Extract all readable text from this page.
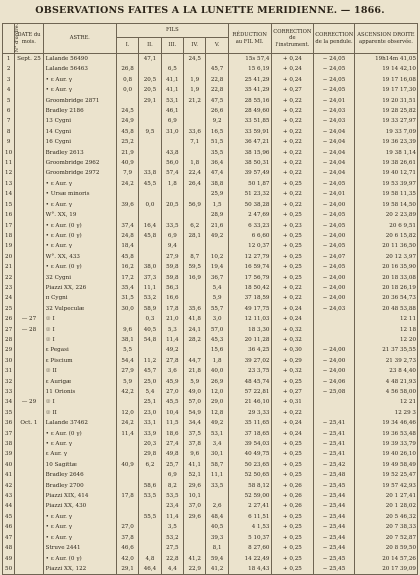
OBSERVATIONS FAITES A LA LUNETTE MERIDIENNE. — 1866.
N° d'ordre.	DATE du mois.	ASTRE.	FILS					RÉDUCTION au FIL MI.	CORRECTION de l'instrument.	CORRECTION de la pendule.	ASCENSION DROITE apparente observée.
			I.	II.	III.	IV.	V.				
1	Sept. 25	Lalande 56490		47,1		24,5		15s 57,4	+ 0,24	− 24,05	19h14m 41,05
2		Lalande 56463	26,8		6,5		45,7	15 6,19	+ 0,24	− 24,05	19 14 42,10
3		• ε Aur. γ	0,8	20,5	41,1	1,9	22,8	25 41,29	+ 0,24	− 24,05	19 17 16,08
4		• ε Aur. γ	0,0	20,5	41,1	1,9	22,8	35 41,29	+ 0,27	− 24,05	19 17 17,30
5		Groombridge 2871		29,1	53,1	21,2	47,5	28 55,16	+ 0,22	− 24,01	19 20 31,51
6		Bradley 2186	24,5		46,1		26,6	28 49,60	+ 0,22	− 24,03	19 28 25,82
7		13 Cygni	24,9		6,9		9,2	33 51,85	+ 0,22	− 24,03	19 33 27,97
8		14 Cygni	45,8	9,5	31,0	33,6	16,5	33 59,91	+ 0,22	− 24,04	19 33 7,09
9		16 Cygni	25,2			7,1	51,5	36 47,21	+ 0,22	− 24,04	19 36 23,39
10		Bradley 2613	21,9		43,8		35,5	38 15,96	+ 0,22	− 24,04	19 38 1,14
11		Groombridge 2962	40,9		56,0	1,8	36,4	38 50,31	+ 0,22	− 24,04	19 38 26,61
12		Groombridge 2972	7,9	33,8	57,4	22,4	47,4	39 57,49	+ 0,22	− 24,04	19 40 12,71
13		• ε Aur. γ	24,2	45,5	1,8	26,4	38,8	50 1,87	+ 0,25	− 24,05	19 53 39,97
14		• Ursæ minoris					25,9	51 23,32	+ 0,22	− 24,01	19 58 11,35
15		• ε Aur. γ	39,6	0,0	20,5	56,9	1,5	50 38,28	+ 0,22	− 24,00	19 58 14,50
16		W°. XX, 19					28,9	2 47,69	+ 0,25	− 24,05	20 2 23,89
17		• ε Aur. (0 γ)	37,4	16,4	33,5	6,2	21,6	6 33,23	+ 0,23	− 24,05	20 6 9,51
18		• ε Aur. (0 γ)	24,8	45,8	6,9	28,1	49,2	6 6,60	+ 0,25	− 24,00	20 6 15,82
19		• ε Aur. γ	18,4		9,4			12 0,37	+ 0,25	− 24,05	20 11 36,50
20		W°. XX, 433	45,8		27,9	8,7	10,2	12 27,79	+ 0,25	− 24,07	20 12 3,97
21		• ε Aur. (0 γ)	16,2	38,0	59,8	59,5	19,4	16 59,74	+ 0,25	− 24,05	20 16 35,90
22		32 Cygni	17,2	37,3	59,8	16,9	36,7	17 56,79	+ 0,25	− 24,00	20 18 33,08
23		Piazzi XX, 226	35,4	11,1	56,3		5,4	18 50,42	+ 0,22	− 24,00	20 18 26,19
24		π Cygni	31,5	53,2	16,6		5,9	37 18,59	+ 0,22	− 24,00	20 36 54,73
25		32 Vulpeculæ	30,0	58,9	17,8	35,6	55,7	49 17,75	+ 0,24	− 24,03	20 48 53,88
26	— 27	☉ I		0,3	21,0	41,8	3,0	12 11,03	+ 0,24		12 11
27	— 28	☉ I	9,6	40,5	5,3	24,1	57,0	18 3,30	+ 0,32		12 18
28		☉ I	38,1	54,8	11,4	28,2	45,3	20 11,28	+ 0,32		12 20
29		ε Pegasi	5,5		49,2		15,6	36 4,25	+ 0,30	− 24,00	21 37 35,55
30		ε Piscium	54,4	11,2	27,8	44,7	1,8	39 27,02	+ 0,29	− 24,00	21 39 2,73
31		☉ II	27,9	45,7	3,6	21,8	40,0	23 3,75	+ 0,32	− 24,00	23 8 4,40
32		ε Aurigæ	5,9	25,0	45,9	5,9	26,9	48 45,74	+ 0,25	− 24,06	4 48 21,93
33		11 Orionis	42,2	5,4	27,0	49,0	12,0	57 22,81	+ 0,27	− 25,08	4 56 58,00
34	— 29	☉ I		25,1	45,5	57,0	29,0	21 46,10	+ 0,31		12 21
35		☉ II	12,0	23,0	10,4	54,9	12,8	29 3,33	+ 0,22		12 29 3
36	Oct. 1	Lalande 37462	24,2	33,1	11,5	34,4	49,2	35 11,65	+ 0,24	− 25,41	19 34 46,46
37		• ε Aur. (0 γ)	11,4	33,9	18,6	37,5	53,1	37 18,65	+ 0,24	− 25,41	19 36 53,48
38		• ε Aur. γ		20,3	27,4	37,8	3,4	39 54,03	+ 0,25	− 25,41	19 39 33,79
39		ε Aur. γ		29,8	49,8	9,6	30,1	40 49,75	+ 0,25	− 25,41	19 40 26,10
40		10 Sagittæ	40,9	6,2	25,7	41,1	58,7	50 23,65	+ 0,25	− 25,42	19 49 58,49
41		Bradley 2646			6,9	52,1	11,1	52 50,65	+ 0,25	− 25,48	19 52 25,47
42		Bradley 2700		58,6	8,2	29,6	33,5	58 8,12	+ 0,26	− 25,45	19 57 42,93
43		Piazzi XIX, 414	17,8	53,5	53,5	10,1		52 59,00	+ 0,26	− 25,44	20 1 27,41
44		Piazzi XX, 430			23,4	37,0	2,6	2 27,41	+ 0,26	− 25,44	20 1 28,02
45		• ε Aur. γ		55,5	11,4	29,6	48,4	6 11,51	+ 0,25	− 25,44	20 5 46,32
46		• ε Aur. γ	27,0		3,5		40,5	4 1,53	+ 0,25	− 25,44	20 7 38,33
47		• ε Aur. γ	37,8		53,2		39,3	5 10,37	+ 0,25	− 25,44	20 7 52,87
48		Struve 2441	46,6		27,5		8,1	8 27,60	+ 0,25	− 25,44	20 8 59,50
49		• ε Aur. (0 γ)	42,0	4,8	22,8	41,2	59,4	14 22,49	+ 0,25	− 25,45	20 14 57,26
50		Piazzi XX, 122	29,1	46,4	4,4	22,9	41,2	18 4,43	+ 0,25	− 25,45	20 17 39,09
